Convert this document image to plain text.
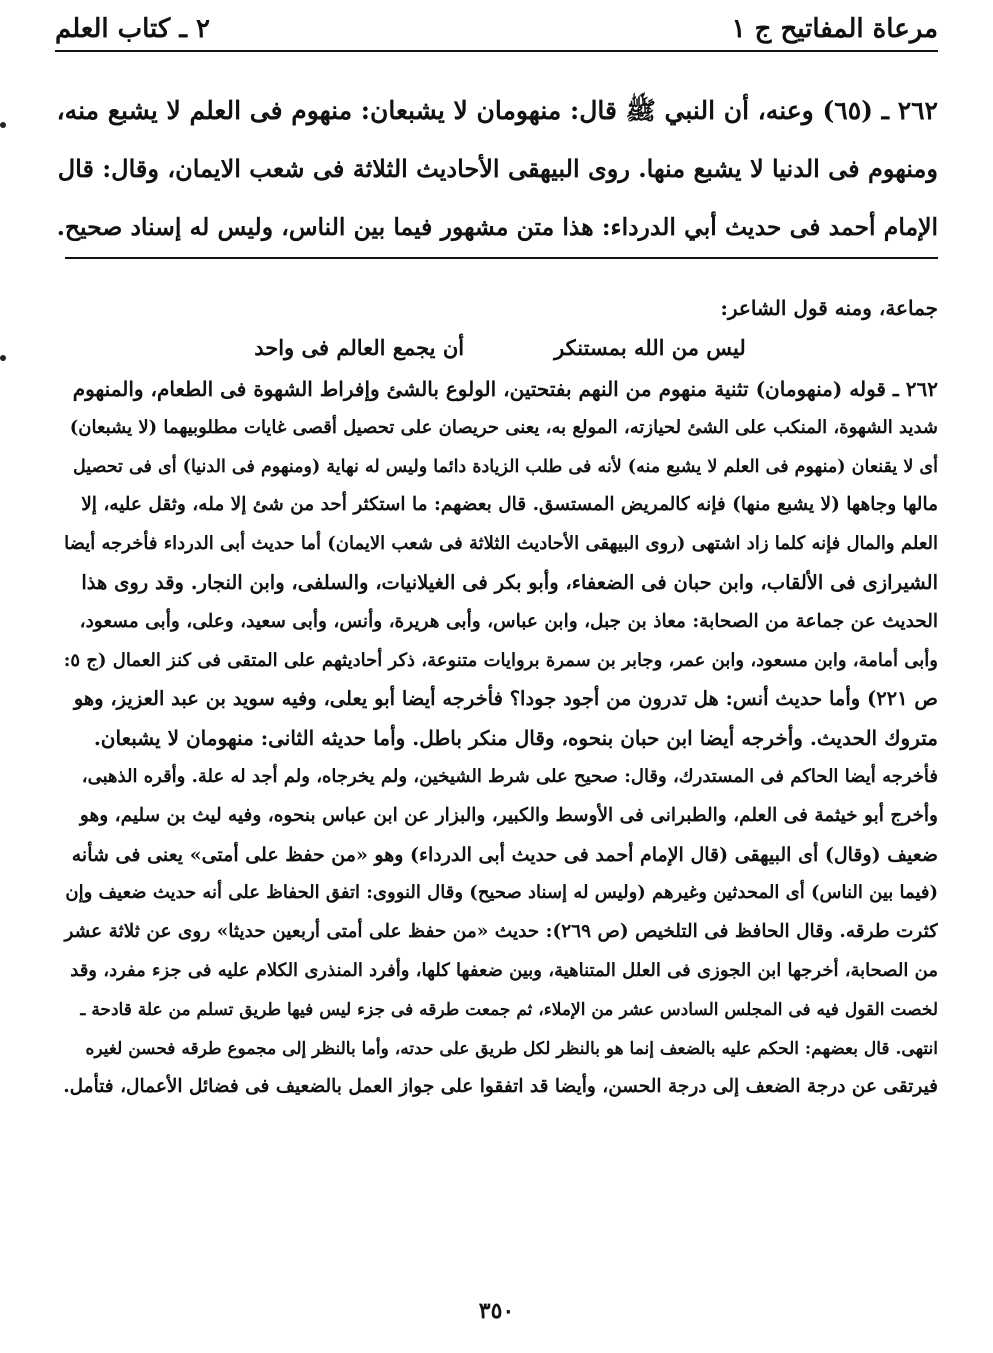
مرعاة المفاتيح ج ١
٢ ـ كتاب العلم

٢٦٢ ـ (٦٥) وعنه، أن النبي ﷺ قال: منهومان لا يشبعان: منهوم فى العلم لا يشبع منه،

ومنهوم فى الدنيا لا يشبع منها. روى البيهقى الأحاديث الثلاثة فى شعب الايمان، وقال: قال

الإمام أحمد فى حديث أبي الدرداء: هذا متن مشهور فيما بين الناس، وليس له إسناد صحيح.

جماعة، ومنه قول الشاعر:

ليس من الله بمستنكر
أن يجمع العالم فى واحد

٢٦٢ ـ قوله (منهومان) تثنية منهوم من النهم بفتحتين، الولوع بالشئ وإفراط الشهوة فى الطعام، والمنهوم

شديد الشهوة، المنكب على الشئ لحيازته، المولع به، يعنى حريصان على تحصيل أقصى غايات مطلوبيهما (لا يشبعان)

أى لا يقنعان (منهوم فى العلم لا يشبع منه) لأنه فى طلب الزيادة دائما وليس له نهاية (ومنهوم فى الدنيا) أى فى تحصيل

مالها وجاهها (لا يشبع منها) فإنه كالمريض المستسق. قال بعضهم: ما استكثر أحد من شئ إلا مله، وثقل عليه، إلا

العلم والمال فإنه كلما زاد اشتهى (روى البيهقى الأحاديث الثلاثة فى شعب الايمان) أما حديث أبى الدرداء فأخرجه أيضا

الشيرازى فى الألقاب، وابن حبان فى الضعفاء، وأبو بكر فى الغيلانيات، والسلفى، وابن النجار. وقد روى هذا

الحديث عن جماعة من الصحابة: معاذ بن جبل، وابن عباس، وأبى هريرة، وأنس، وأبى سعيد، وعلى، وأبى مسعود،

وأبى أمامة، وابن مسعود، وابن عمر، وجابر بن سمرة بروايات متنوعة، ذكر أحاديثهم على المتقى فى كنز العمال (ج ٥:

ص ٢٢١) وأما حديث أنس: هل تدرون من أجود جودا؟ فأخرجه أيضا أبو يعلى، وفيه سويد بن عبد العزيز، وهو

متروك الحديث. وأخرجه أيضا ابن حبان بنحوه، وقال منكر باطل. وأما حديثه الثانى: منهومان لا يشبعان.

فأخرجه أيضا الحاكم فى المستدرك، وقال: صحيح على شرط الشيخين، ولم يخرجاه، ولم أجد له علة. وأقره الذهبى،

وأخرج أبو خيثمة فى العلم، والطبرانى فى الأوسط والكبير، والبزار عن ابن عباس بنحوه، وفيه ليث بن سليم، وهو

ضعيف (وقال) أى البيهقى (قال الإمام أحمد فى حديث أبى الدرداء) وهو «من حفظ على أمتى» يعنى فى شأنه

(فيما بين الناس) أى المحدثين وغيرهم (وليس له إسناد صحيح) وقال النووى: اتفق الحفاظ على أنه حديث ضعيف وإن

كثرت طرقه. وقال الحافظ فى التلخيص (ص ٢٦٩): حديث «من حفظ على أمتى أربعين حديثا» روى عن ثلاثة عشر

من الصحابة، أخرجها ابن الجوزى فى العلل المتناهية، وبين ضعفها كلها، وأفرد المنذرى الكلام عليه فى جزء مفرد، وقد

لخصت القول فيه فى المجلس السادس عشر من الإملاء، ثم جمعت طرقه فى جزء ليس فيها طريق تسلم من علة قادحة ـ

انتهى. قال بعضهم: الحكم عليه بالضعف إنما هو بالنظر لكل طريق على حدته، وأما بالنظر إلى مجموع طرقه فحسن لغيره

فيرتقى عن درجة الضعف إلى درجة الحسن، وأيضا قد اتفقوا على جواز العمل بالضعيف فى فضائل الأعمال، فتأمل.

٣٥٠
